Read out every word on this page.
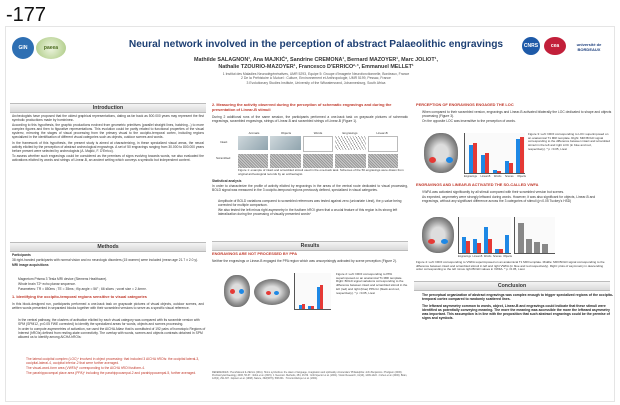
-177
GIN	paeea	CNRS	cea	université de BORDEAUX
Neural network involved in the perception of abstract Palaeolithic engravings
Mathilde SALAGNON¹, Ana MAJKIĆ², Sandrine CREMONA¹, Bernard MAZOYER¹, Marc JOLIOT¹,
Nathalie TZOURIO-MAZOYER¹, Francesco D'ERRICO²·³, Emmanuel MELLET¹
1 Institut des Maladies Neurodégénératives, UMR 5293, Equipe 5: Groupe d'Imagerie Neurofonctionnelle, Bordeaux, France
2 De la Préhistoire à l'Actuel : Culture, Environnement et Anthropologie, UMR 5199, Pessac, France
3 Evolutionary Studies Institute, University of the Witwatersrand, Johannesburg, South Africa
Introduction

Archeologists have proposed that the oldest graphical representations, dating as far back as 500.000 years may represent the first symbolic productions made by hominines¹.

According to this hypothesis, the graphic productions evolved from geometric primitives (parallel straight lines, hatching...) to more complex figures and then to figurative representations. This evolution could be partly related to functional properties of the visual system², mirroring the stages of visual processing from the primary visual to the occipito-temporal cortex, including regions specialized in the identification of different visual categories such as objects, outdoor scenes and words.

In the framework of this hypothesis, the present study is aimed at characterizing, in these specialized visual areas, the neural activity elicited by the perception of abstract archeological engravings. A set of 50 engravings ranging from 30.000 to 800.000 years before present were selected by archeologists (A. Majkić, F. D'Errico).

To assess whether such engravings could be considered as the premises of signs evolving towards words, we also evaluated the activations elicited by words and strings of Linear-B, an ancient writing which conveys a symbolic but independent content.

Methods

Participants

38 right-handed participants with normal vision and no neurologic disorders (15 women) were included (mean age 21.7 ± 2.0 y).

MRI image acquisitions

• Magnetom Prisma 3 Tesla MRI device (Siemens Healthcare).
• Whole brain T2* echo planar sequence.
• Parameters: TR = 850ms ; TE = 35ms ; flip angle = 56° ; 66 slices ; voxel size = 2.4mm³.
1. Identifying the occipito-temporal regions sensitive to visual categories
In this block-designed run, participants performed a one-back task on grayscale pictures of visual objects, outdoor scenes, and written words presented in separated blocks together with their scrambled versions to serve as a specific visual reference.
• In the ventral pathway, the clusters of activation elicited by each visual category was compared with its scramble version with SPM (SPM12, p<0.05 FWE corrected) to identify the specialized areas for words, objects and scenes processing.
• In order to compute asymmetries of activation, we used the AICHA Atlas³ that is constituted of 192 pairs of homotopic Regions of Interest (hROIs) defined from resting-state connectivity. The overlap with words, scenes and objects contrasts obtained in SPM allowed us to identify among AICHA hROIs:
• The lateral occipital complex (LOC)⁴ involved in object processing: that included 3 AICHA hROIs: the occipital lateral-3, occipital-lateral-4, occipital inferior-2 that were further averaged.
• The visual-word-form area (VWFA)⁵ corresponding to the AICHA hROI fusiform-4.
• The parahippocampal place area (PPA)⁶ including the parahippocampal-2 and parahippocampal-5, further averaged.
2. Measuring the activity observed during the perception of schematic engravings and during the presentation of Linear-B stimuli
During 2 additional runs of the same session, the participants performed a one-back task on grayscale pictures of schematic engravings, scrambled engravings, strings of Linear-B and scrambled strings of Linear-B (Figure 1).
Animals	Objects	Words	Engravings	Linear-B
Intact
Scrambled
Figure 1: example of intact and scrambled stimuli used in the one-back task. Schemes of the 50 engravings were drawn from original archeological records by an archeologist.
Statistical analysis
In order to characterize the profile of activity elicited by engravings in the areas of the ventral route dedicated to visual processing, BOLD signal was measured in the 3 occipito-temporal regions previously defined, specialized in visual categories.
• Amplitude of BOLD variations compared to scrambled references was tested against zero (univariate t-test), the p-value being corrected for multiple comparison.
• We also tested the left minus right asymmetry in the fusiform hROI given that a crucial feature of this region is its strong left lateralization during the processing of visually presented words⁶
Results
ENGRAVINGS ARE NOT PROCESSED BY PPA
Neither the engravings or Linear-B engaged the PPA region which was unsurprisingly activated by scene perception (Figure 2).
Figure 2: Left: hROI corresponding to PPA superimposed on an anatomical T1 MRI template. Right: BOLD signal variations corresponding to the difference between intact and scrambled stimuli in the left (red) and right (blue) PPA for (black and red, respectively). * p <0.05, t-test
REFERENCES: ¹Henshilwood & d'Errico (2011). Homo symbolicus: the dawn of language, imagination and spirituality. Amsterdam/ Philadelphia: John Benjamins. ²Hodgson (2006). Prehistory/archaeology, 2006, 56-67. ³Joliot et al. (2015). J. Neurosci. Methods, 254, 46-59. ⁴Grill-Spector et al. (2001). Vision Research, 41(10), 1409-1422. ⁵Cohen et al. (2000). Brain, 123(2), 291-307. ⁶Epstein et al. (1998). Nature, 392(6676), 598-601. ⁷Tzourio-Mazoyer et al. (2004).
PERCEPTION OF ENGRAVINGS ENGAGED THE LOC
• When compared to their scrambled version, engravings and Linear-B activated bilaterally the LOC dedicated to shape and objects processing (Figure 3).
• On the opposite LOC was insensitive to the perception of words.
Engravings Linear-B Words Scenes Objects
Figure 3: Left: hROI corresponding to LOC superimposed on an anatomical T1 MRI template. Right: MRI BOLD signal corresponding to the difference between intact and scrambled stimuli in the left and right LOC (in blue and red, respectively). * p <0.05, t-test
ENGRAVINGS AND LINEAR-B ACTIVATED THE SO-CALLED VWFA
• VWFA was activated significantly by all stimuli compared with their scrambled version but scenes.
• As expected, asymmetry were strongly leftward during words. However, it was also significant for objects, Linear-B and engravings, without any significant difference across the 3 categories of stimuli (p<0.05 Tuckey's HSD)
Engravings Linear-B Words Scenes Objects
Figure 4: Left: hROI corresponding to VWFA superimposed on an anatomical T1 MRI template. Middle: MRI BOLD signal corresponding to the difference between intact and scrambled stimuli in left and right VWFA (in blue and red respectively). Right: plots of asymmetry in descending order corresponding to the left minus right BOLD values in VWFA. * p <0.05, t-test
Conclusion
• The perceptual organization of abstract engravings was complex enough to trigger specialized regions of the occipito-temporal cortex compared to randomly scattered lines.
• The leftward asymmetry common to words, object, Linear-B and engravings could indicate that these stimuli were identified as potentially conveying meaning. The more the meaning was accessible the more the leftward asymmetry was important. This assumption is in line with the proposition that such abstract engravings could be the premise of signs and symbols.
